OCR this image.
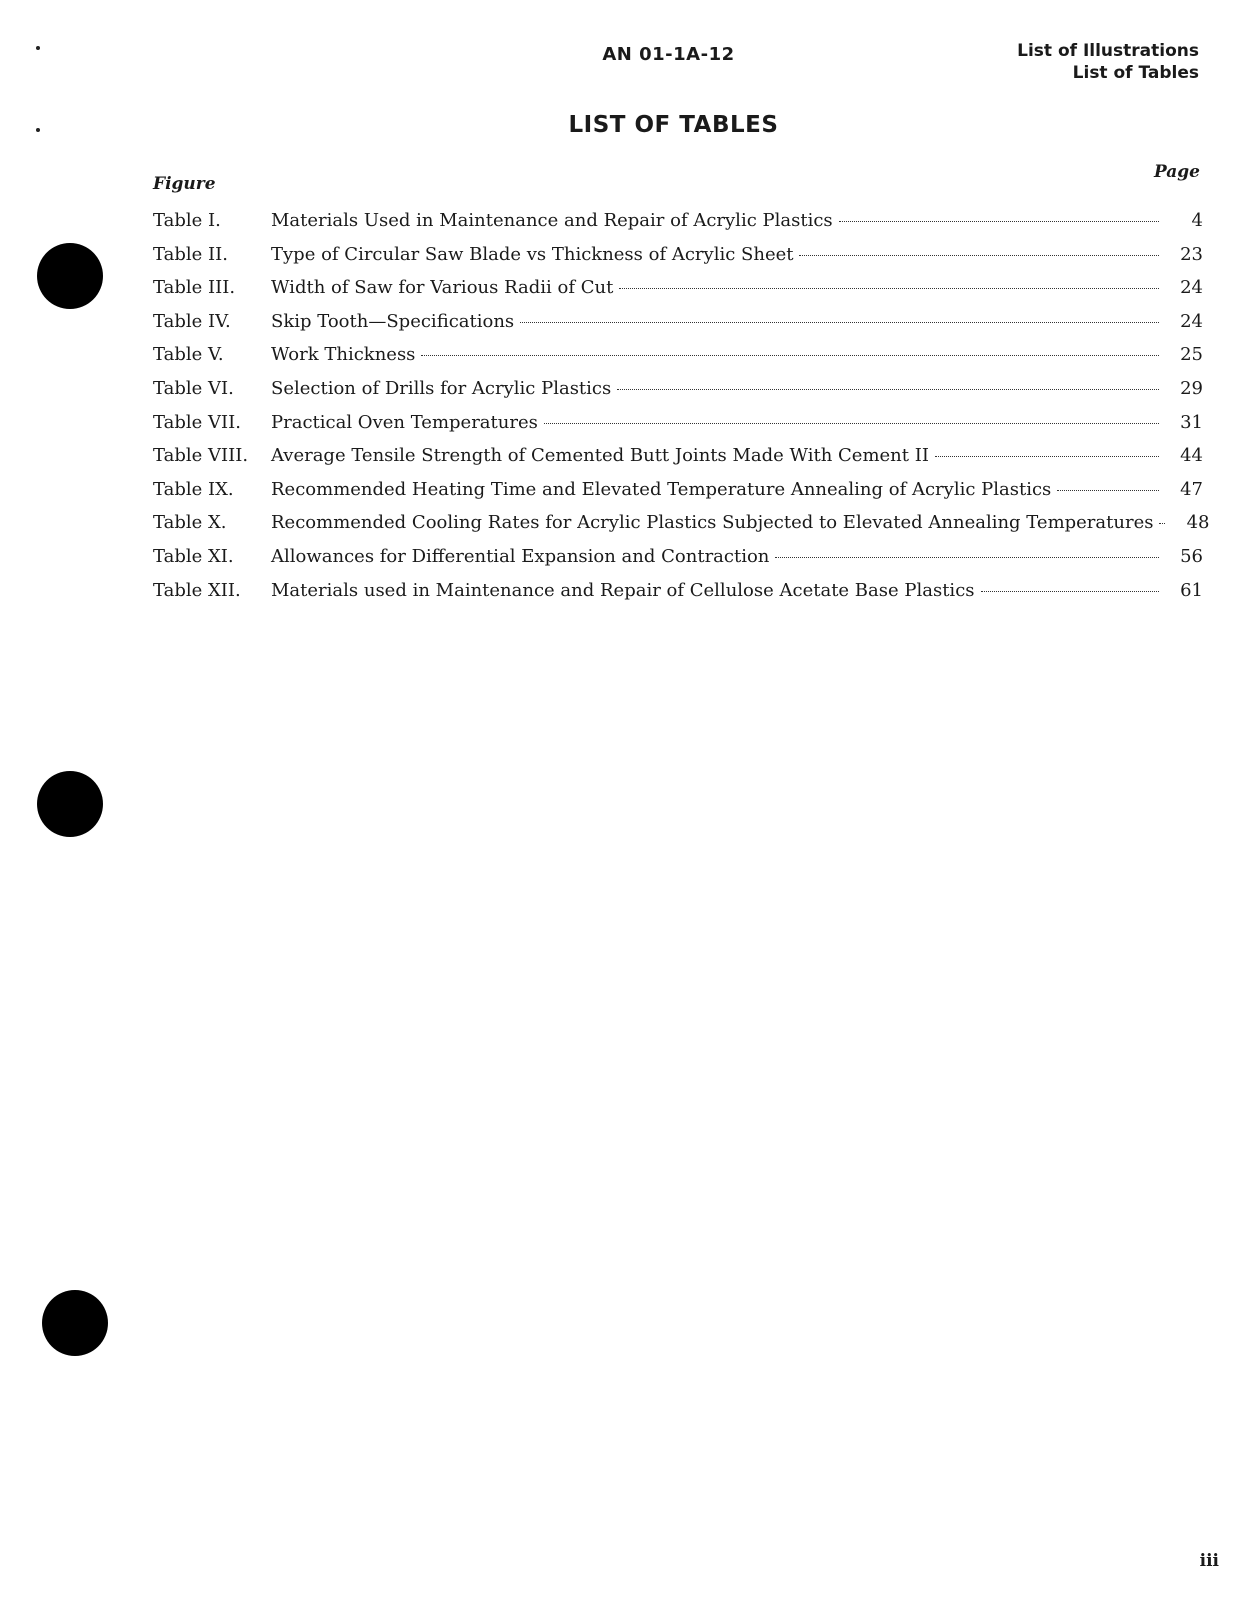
AN 01-1A-12	List of Illustrations
List of Tables
LIST OF TABLES
Figure
Page
Table I.	Materials Used in Maintenance and Repair of Acrylic Plastics	4
Table II.	Type of Circular Saw Blade vs Thickness of Acrylic Sheet	23
Table III.	Width of Saw for Various Radii of Cut	24
Table IV.	Skip Tooth—Specifications	24
Table V.	Work Thickness	25
Table VI.	Selection of Drills for Acrylic Plastics	29
Table VII.	Practical Oven Temperatures	31
Table VIII.	Average Tensile Strength of Cemented Butt Joints Made With Cement II	44
Table IX.	Recommended Heating Time and Elevated Temperature Annealing of Acrylic Plastics	47
Table X.	Recommended Cooling Rates for Acrylic Plastics Subjected to Elevated Annealing Temperatures	48
Table XI.	Allowances for Differential Expansion and Contraction	56
Table XII.	Materials used in Maintenance and Repair of Cellulose Acetate Base Plastics	61
iii
